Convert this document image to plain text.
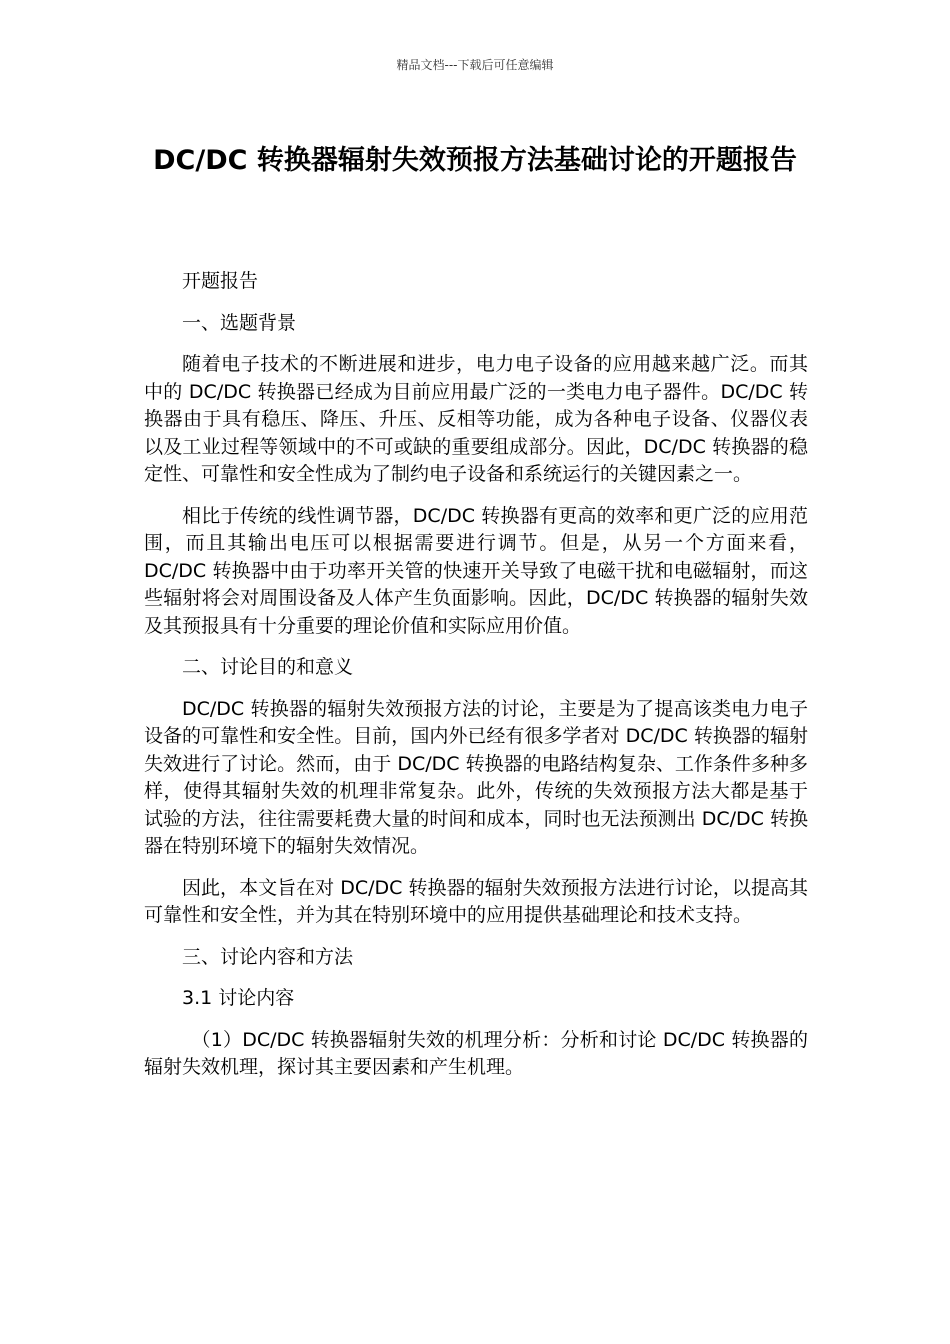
精品文档---下载后可任意编辑
DC/DC 转换器辐射失效预报方法基础讨论的开题报告

开题报告

一、选题背景

随着电子技术的不断进展和进步，电力电子设备的应用越来越广泛。而其中的 DC/DC 转换器已经成为目前应用最广泛的一类电力电子器件。DC/DC 转换器由于具有稳压、降压、升压、反相等功能，成为各种电子设备、仪器仪表以及工业过程等领域中的不可或缺的重要组成部分。因此，DC/DC 转换器的稳定性、可靠性和安全性成为了制约电子设备和系统运行的关键因素之一。

相比于传统的线性调节器，DC/DC 转换器有更高的效率和更广泛的应用范围，而且其输出电压可以根据需要进行调节。但是，从另一个方面来看，DC/DC 转换器中由于功率开关管的快速开关导致了电磁干扰和电磁辐射，而这些辐射将会对周围设备及人体产生负面影响。因此，DC/DC 转换器的辐射失效及其预报具有十分重要的理论价值和实际应用价值。

二、讨论目的和意义

DC/DC 转换器的辐射失效预报方法的讨论，主要是为了提高该类电力电子设备的可靠性和安全性。目前，国内外已经有很多学者对 DC/DC 转换器的辐射失效进行了讨论。然而，由于 DC/DC 转换器的电路结构复杂、工作条件多种多样，使得其辐射失效的机理非常复杂。此外，传统的失效预报方法大都是基于试验的方法，往往需要耗费大量的时间和成本，同时也无法预测出 DC/DC 转换器在特别环境下的辐射失效情况。

因此，本文旨在对 DC/DC 转换器的辐射失效预报方法进行讨论，以提高其可靠性和安全性，并为其在特别环境中的应用提供基础理论和技术支持。

三、讨论内容和方法

3.1 讨论内容

（1）DC/DC 转换器辐射失效的机理分析：分析和讨论 DC/DC 转换器的辐射失效机理，探讨其主要因素和产生机理。
